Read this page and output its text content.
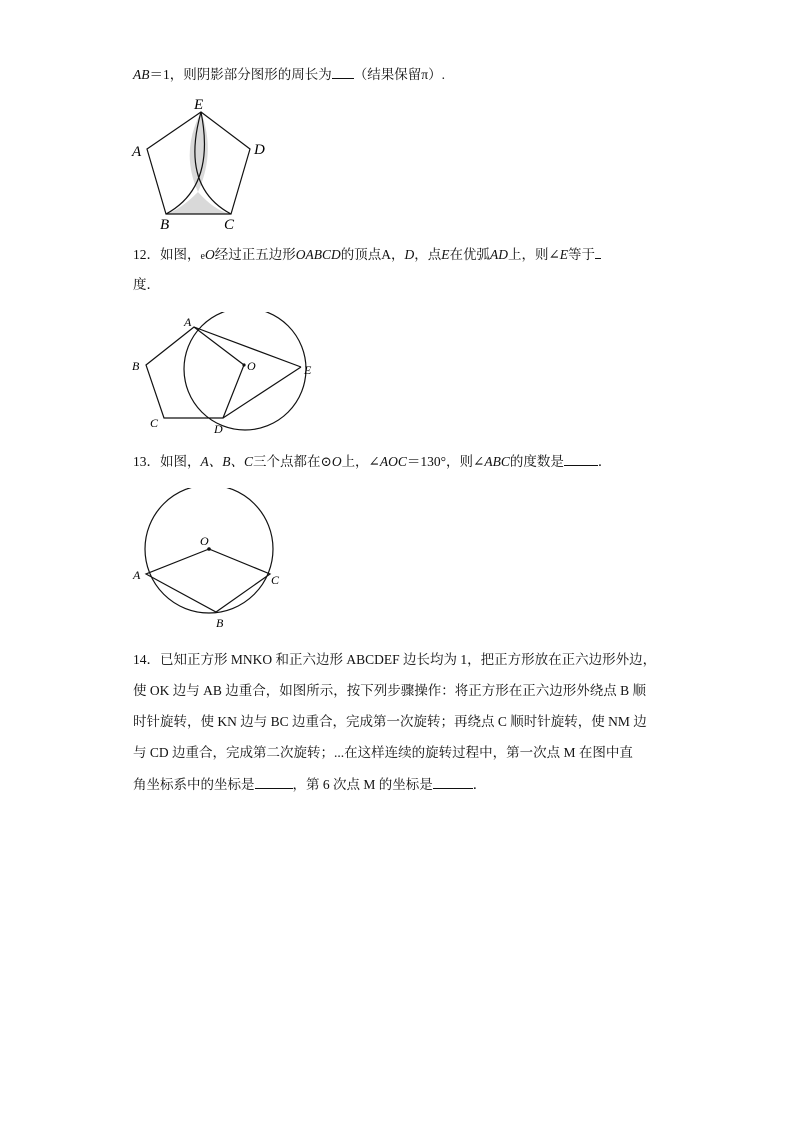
AB＝1，则阴影部分图形的周长为 （结果保留π）.
E
A	D
B	C
12．如图，eO经过正五边形OABCD的顶点A，D，点E在优弧AD上，则∠E等于
度．
A
B
C	D
O	E
13．如图，A、B、C三个点都在⊙O上，∠AOC＝130°，则∠ABC的度数是	．
O
A
B
C
14．已知正方形 MNKO 和正六边形 ABCDEF 边长均为 1，把正方形放在正六边形外边，
使 OK 边与 AB 边重合，如图所示，按下列步骤操作：将正方形在正六边形外绕点 B 顺
时针旋转，使 KN 边与 BC 边重合，完成第一次旋转；再绕点 C 顺时针旋转，使 NM 边
与 CD 边重合，完成第二次旋转；...在这样连续的旋转过程中，第一次点 M 在图中直
角坐标系中的坐标是	，第 6 次点 M 的坐标是	．
